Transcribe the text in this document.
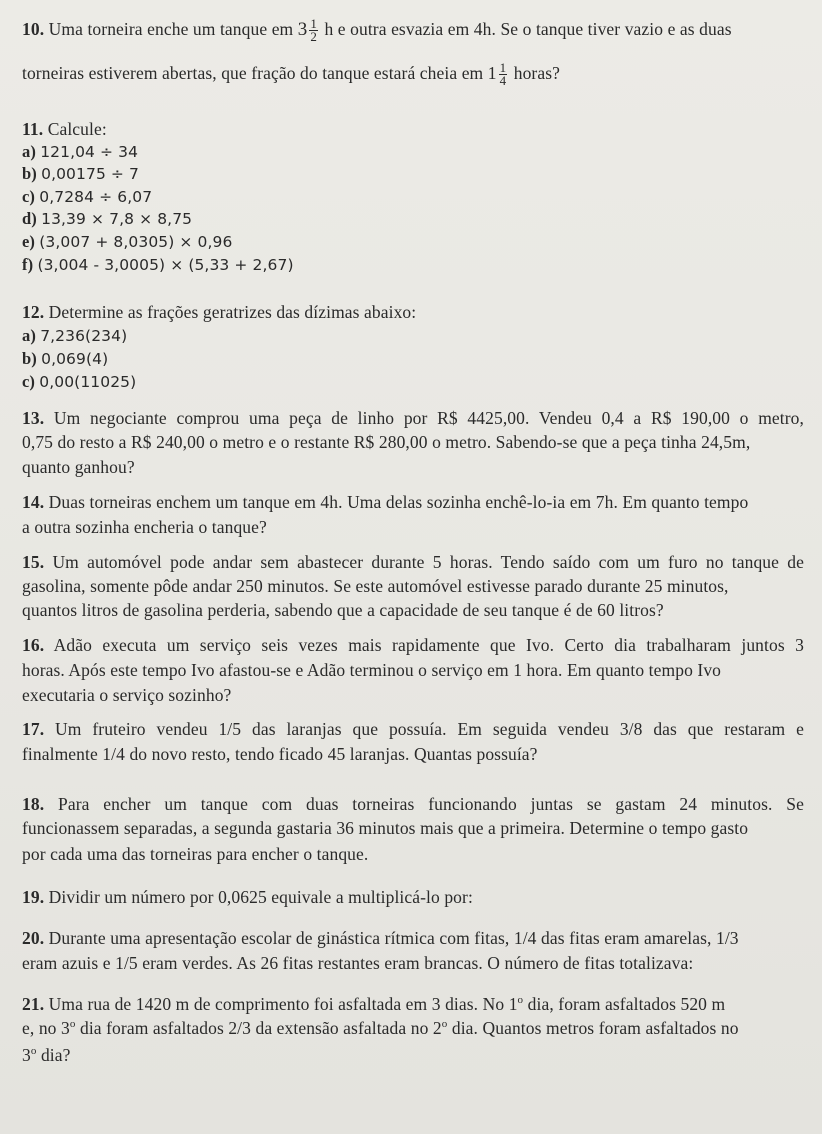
10. Uma torneira enche um tanque em $3 \frac{1}{2}$ h e outra esvazia em 4h. Se o tanque tiver vazio e as duas
torneiras estiverem abertas, que fração do tanque estará cheia em $1 \frac{1}{4}$ horas?
11. Calcule:
a) 121,04 ÷ 34
b) 0,00175 ÷ 7
c) 0,7284 ÷ 6,07
d) 13,39 × 7,8 × 8,75
e) (3,007 + 8,0305) × 0,96
f) (3,004 - 3,0005) × (5,33 + 2,67)
12. Determine as frações geratrizes das dízimas abaixo:
a) 7,236(234)
b) 0,069(4)
c) 0,00(11025)
13. Um negociante comprou uma peça de linho por R$ 4425,00. Vendeu 0,4 a R$ 190,00 o metro,
0,75 do resto a R$ 240,00 o metro e o restante R$ 280,00 o metro. Sabendo-se que a peça tinha 24,5m,
quanto ganhou?
14. Duas torneiras enchem um tanque em 4h. Uma delas sozinha enchê-lo-ia em 7h. Em quanto tempo
a outra sozinha encheria o tanque?
15. Um automóvel pode andar sem abastecer durante 5 horas. Tendo saído com um furo no tanque de
gasolina, somente pôde andar 250 minutos. Se este automóvel estivesse parado durante 25 minutos,
quantos litros de gasolina perderia, sabendo que a capacidade de seu tanque é de 60 litros?
16. Adão executa um serviço seis vezes mais rapidamente que Ivo. Certo dia trabalharam juntos 3
horas. Após este tempo Ivo afastou-se e Adão terminou o serviço em 1 hora. Em quanto tempo Ivo
executaria o serviço sozinho?
17. Um fruteiro vendeu 1/5 das laranjas que possuía. Em seguida vendeu 3/8 das que restaram e
finalmente 1/4 do novo resto, tendo ficado 45 laranjas. Quantas possuía?
18. Para encher um tanque com duas torneiras funcionando juntas se gastam 24 minutos. Se
funcionassem separadas, a segunda gastaria 36 minutos mais que a primeira. Determine o tempo gasto
por cada uma das torneiras para encher o tanque.
19. Dividir um número por 0,0625 equivale a multiplicá-lo por:
20. Durante uma apresentação escolar de ginástica rítmica com fitas, 1/4 das fitas eram amarelas, 1/3
eram azuis e 1/5 eram verdes. As 26 fitas restantes eram brancas. O número de fitas totalizava:
21. Uma rua de 1420 m de comprimento foi asfaltada em 3 dias. No 1$^o$ dia, foram asfaltados 520 m
e, no 3$^o$ dia foram asfaltados 2/3 da extensão asfaltada no 2$^o$ dia. Quantos metros foram asfaltados no
3$^o$ dia?
